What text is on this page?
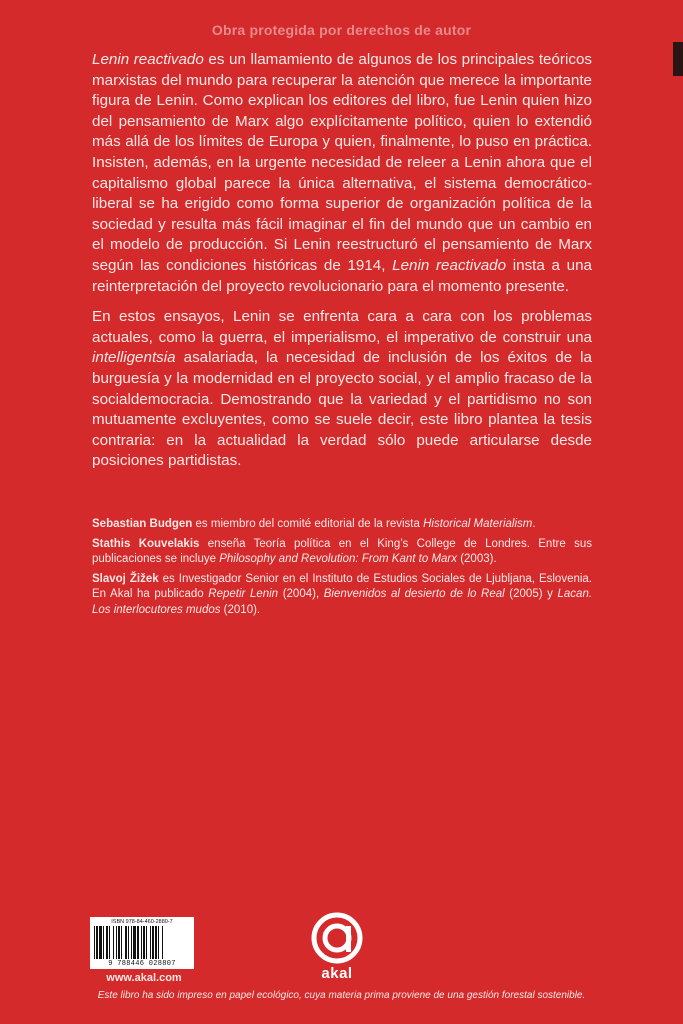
Obra protegida por derechos de autor

Lenin reactivado es un llamamiento de algunos de los principales teóricos marxistas del mundo para recuperar la atención que merece la importante figura de Lenin. Como explican los editores del libro, fue Lenin quien hizo del pensamiento de Marx algo explícitamente político, quien lo extendió más allá de los límites de Europa y quien, finalmente, lo puso en práctica. Insisten, además, en la urgente necesidad de releer a Lenin ahora que el capitalismo global parece la única alternativa, el sistema democrático-liberal se ha erigido como forma superior de organización política de la sociedad y resulta más fácil imaginar el fin del mundo que un cambio en el modelo de producción. Si Lenin reestructuró el pensamiento de Marx según las condiciones históricas de 1914, Lenin reactivado insta a una reinterpretación del proyecto revolucionario para el momento presente.

En estos ensayos, Lenin se enfrenta cara a cara con los problemas actuales, como la guerra, el imperialismo, el imperativo de construir una intelligentsia asalariada, la necesidad de inclusión de los éxitos de la burguesía y la modernidad en el proyecto social, y el amplio fracaso de la socialdemocracia. Demostrando que la variedad y el partidismo no son mutuamente excluyentes, como se suele decir, este libro plantea la tesis contraria: en la actualidad la verdad sólo puede articularse desde posiciones partidistas.

Sebastian Budgen es miembro del comité editorial de la revista Historical Materialism.

Stathis Kouvelakis enseña Teoría política en el King’s College de Londres. Entre sus publicaciones se incluye Philosophy and Revolution: From Kant to Marx (2003).

Slavoj Žižek es Investigador Senior en el Instituto de Estudios Sociales de Ljubljana, Eslovenia. En Akal ha publicado Repetir Lenin (2004), Bienvenidos al desierto de lo Real (2005) y Lacan. Los interlocutores mudos (2010).

ISBN 978-84-460-2880-7
9 788446 028807
www.akal.com	akal
Este libro ha sido impreso en papel ecológico, cuya materia prima proviene de una gestión forestal sostenible.
